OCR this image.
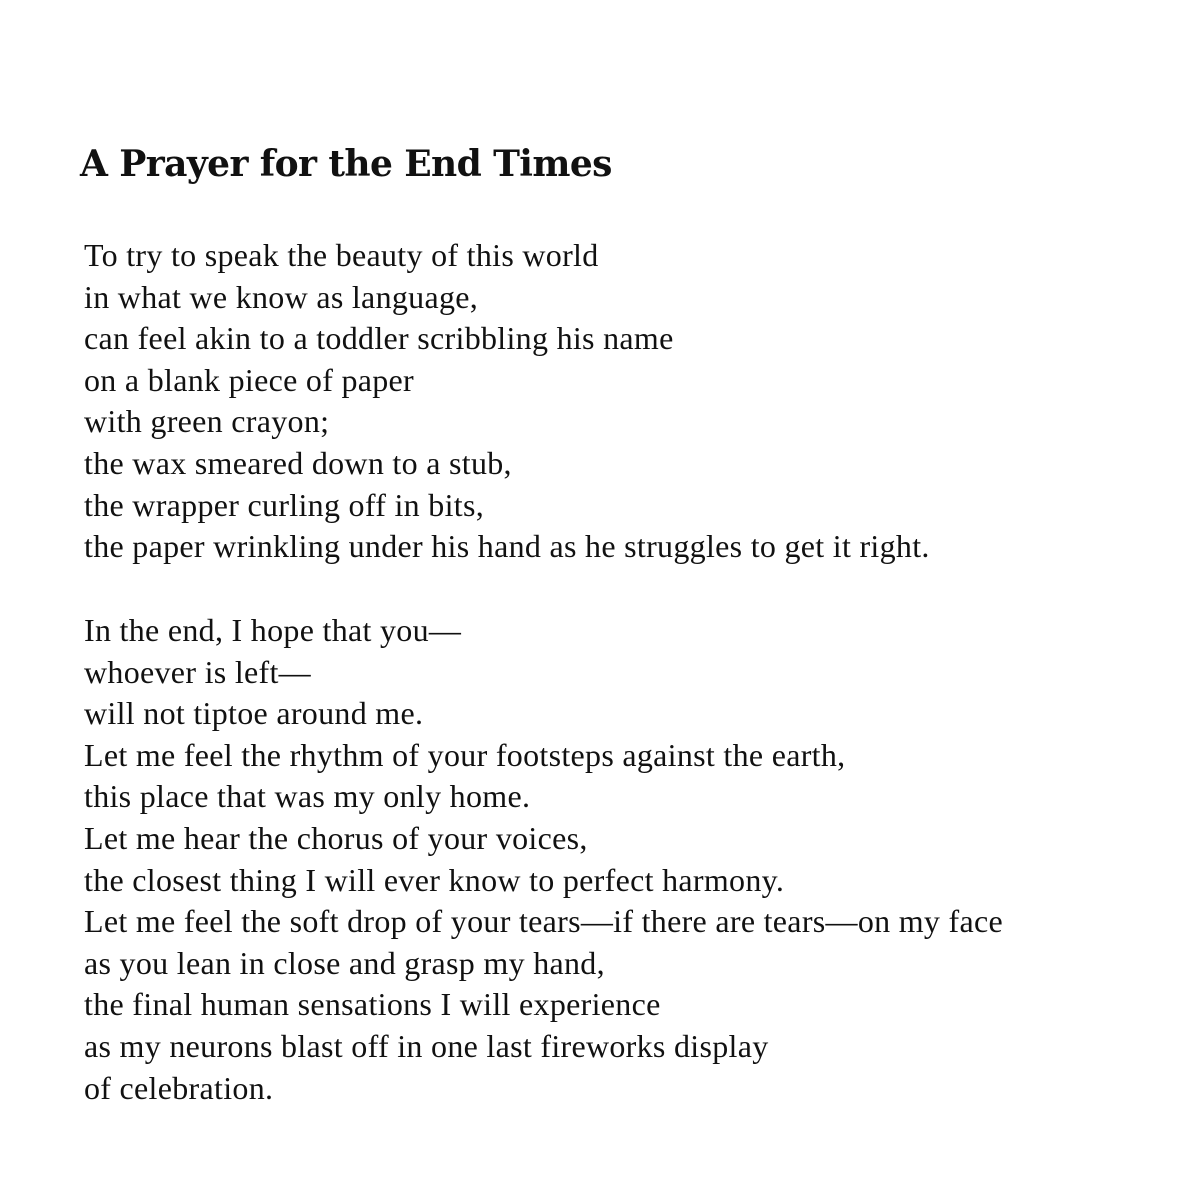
A Prayer for the End Times
To try to speak the beauty of this world
in what we know as language,
can feel akin to a toddler scribbling his name
on a blank piece of paper
with green crayon;
the wax smeared down to a stub,
the wrapper curling off in bits,
the paper wrinkling under his hand as he struggles to get it right.
In the end, I hope that you—
whoever is left—
will not tiptoe around me.
Let me feel the rhythm of your footsteps against the earth,
this place that was my only home.
Let me hear the chorus of your voices,
the closest thing I will ever know to perfect harmony.
Let me feel the soft drop of your tears—if there are tears—on my face
as you lean in close and grasp my hand,
the final human sensations I will experience
as my neurons blast off in one last fireworks display
of celebration.
